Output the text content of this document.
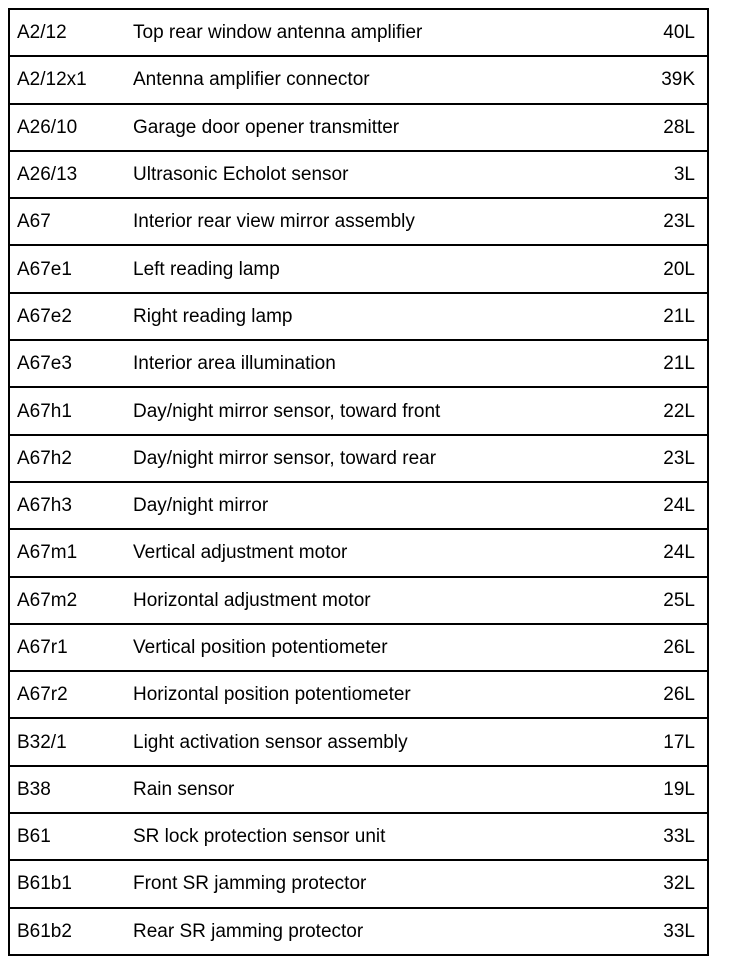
A2/12	Top rear window antenna amplifier	40L
A2/12x1 Antenna amplifier connector	39K
A26/10	Garage door opener transmitter	28L
A26/13	Ultrasonic Echolot sensor	3L
A67	Interior rear view mirror assembly	23L
A67e1	Left reading lamp	20L
A67e2	Right reading lamp	21L
A67e3	Interior area illumination	21L
A67h1	Day/night mirror sensor, toward front	22L
A67h2	Day/night mirror sensor, toward rear	23L
A67h3	Day/night mirror	24L
A67m1	Vertical adjustment motor	24L
A67m2	Horizontal adjustment motor	25L
A67r1	Vertical position potentiometer	26L
A67r2	Horizontal position potentiometer	26L
B32/1	Light activation sensor assembly	17L
B38	Rain sensor	19L
B61	SR lock protection sensor unit	33L
B61b1	Front SR jamming protector	32L
B61b2	Rear SR jamming protector	33L
